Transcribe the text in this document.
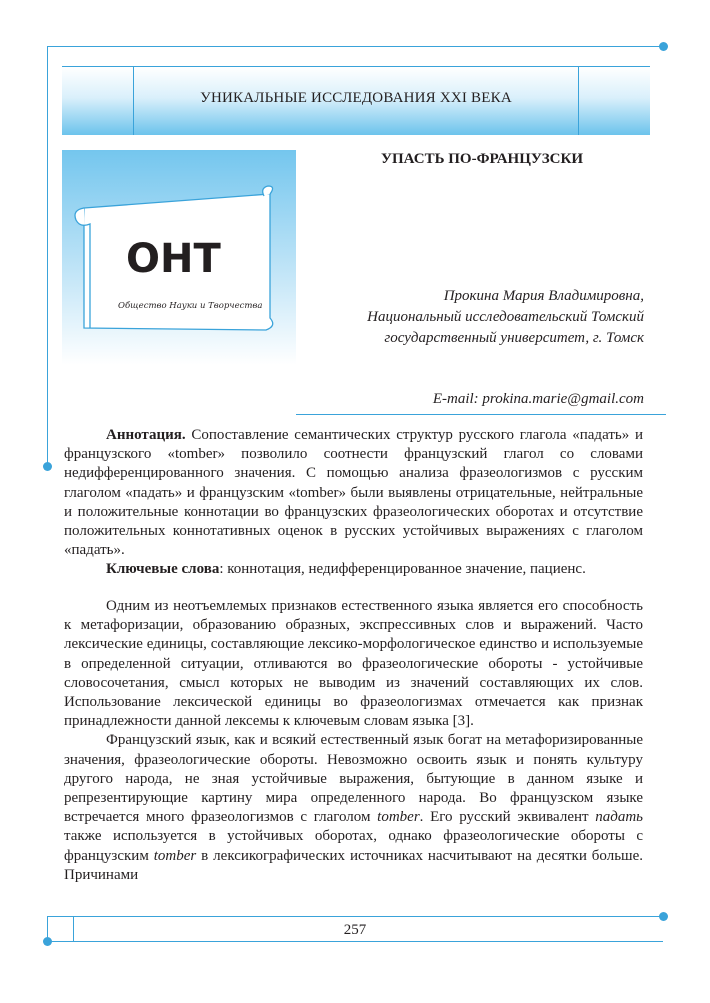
УНИКАЛЬНЫЕ ИССЛЕДОВАНИЯ XXI ВЕКА
ОНТ
Общество Науки и Творчества
УПАСТЬ ПО-ФРАНЦУЗСКИ
Прокина Мария Владимировна,
Национальный исследовательский Томский
государственный университет, г. Томск
E-mail: prokina.marie@gmail.com

Аннотация. Сопоставление семантических структур русского глагола «падать» и французского «tomber» позволило соотнести французский глагол со словами недифференцированного значения. С помощью анализа фразеологизмов с русским глаголом «падать» и французским «tomber» были выявлены отрицательные, нейтральные и положительные коннотации во французских фразеологических оборотах и отсутствие положительных коннотативных оценок в русских устойчивых выражениях с глаголом «падать».

Ключевые слова: коннотация, недифференцированное значение, пациенс.

Одним из неотъемлемых признаков естественного языка является его способность к метафоризации, образованию образных, экспрессивных слов и выражений. Часто лексические единицы, составляющие лексико-морфологическое единство и используемые в определенной ситуации, отливаются во фразеологические обороты - устойчивые словосочетания, смысл которых не выводим из значений составляющих их слов. Использование лексической единицы во фразеологизмах отмечается как признак принадлежности данной лексемы к ключевым словам языка [3].

Французский язык, как и всякий естественный язык богат на метафоризированные значения, фразеологические обороты. Невозможно освоить язык и понять культуру другого народа, не зная устойчивые выражения, бытующие в данном языке и репрезентирующие картину мира определенного народа. Во французском языке встречается много фразеологизмов с глаголом tomber. Его русский эквивалент падать также используется в устойчивых оборотах, однако фразеологические обороты с французским tomber в лексикографических источниках насчитывают на десятки больше. Причинами

257
